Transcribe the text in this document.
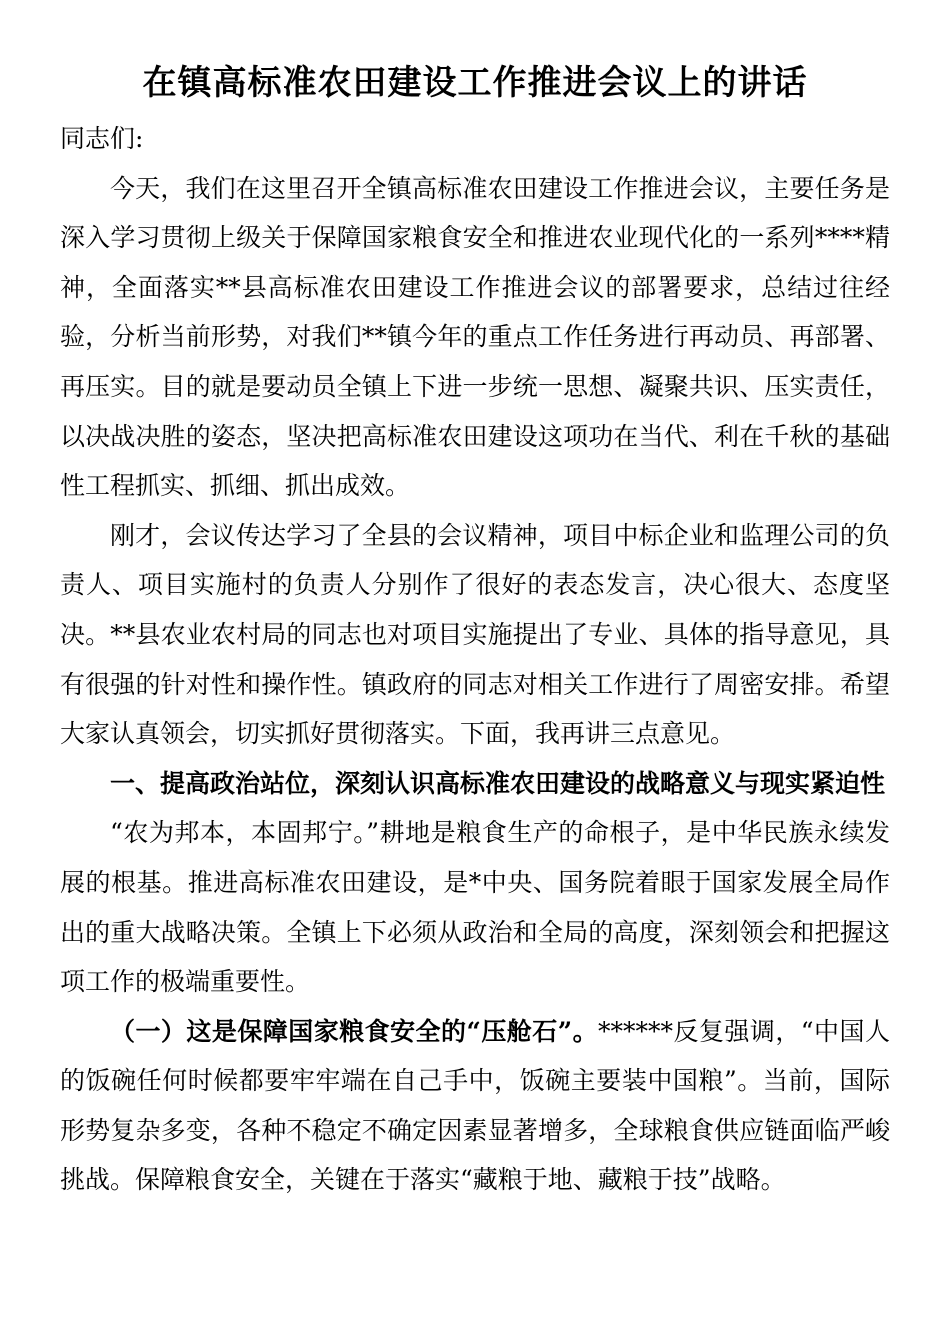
在镇高标准农田建设工作推进会议上的讲话

同志们:

今天，我们在这里召开全镇高标准农田建设工作推进会议，主要任务是深入学习贯彻上级关于保障国家粮食安全和推进农业现代化的一系列****精神，全面落实**县高标准农田建设工作推进会议的部署要求，总结过往经验，分析当前形势，对我们**镇今年的重点工作任务进行再动员、再部署、再压实。目的就是要动员全镇上下进一步统一思想、凝聚共识、压实责任，以决战决胜的姿态，坚决把高标准农田建设这项功在当代、利在千秋的基础性工程抓实、抓细、抓出成效。

刚才，会议传达学习了全县的会议精神，项目中标企业和监理公司的负责人、项目实施村的负责人分别作了很好的表态发言，决心很大、态度坚决。**县农业农村局的同志也对项目实施提出了专业、具体的指导意见，具有很强的针对性和操作性。镇政府的同志对相关工作进行了周密安排。希望大家认真领会，切实抓好贯彻落实。下面，我再讲三点意见。

一、提高政治站位，深刻认识高标准农田建设的战略意义与现实紧迫性

“农为邦本，本固邦宁。”耕地是粮食生产的命根子，是中华民族永续发展的根基。推进高标准农田建设，是*中央、国务院着眼于国家发展全局作出的重大战略决策。全镇上下必须从政治和全局的高度，深刻领会和把握这项工作的极端重要性。

（一）这是保障国家粮食安全的“压舱石”。******反复强调，“中国人的饭碗任何时候都要牢牢端在自己手中，饭碗主要装中国粮”。当前，国际形势复杂多变，各种不稳定不确定因素显著增多，全球粮食供应链面临严峻挑战。保障粮食安全，关键在于落实“藏粮于地、藏粮于技”战略。
